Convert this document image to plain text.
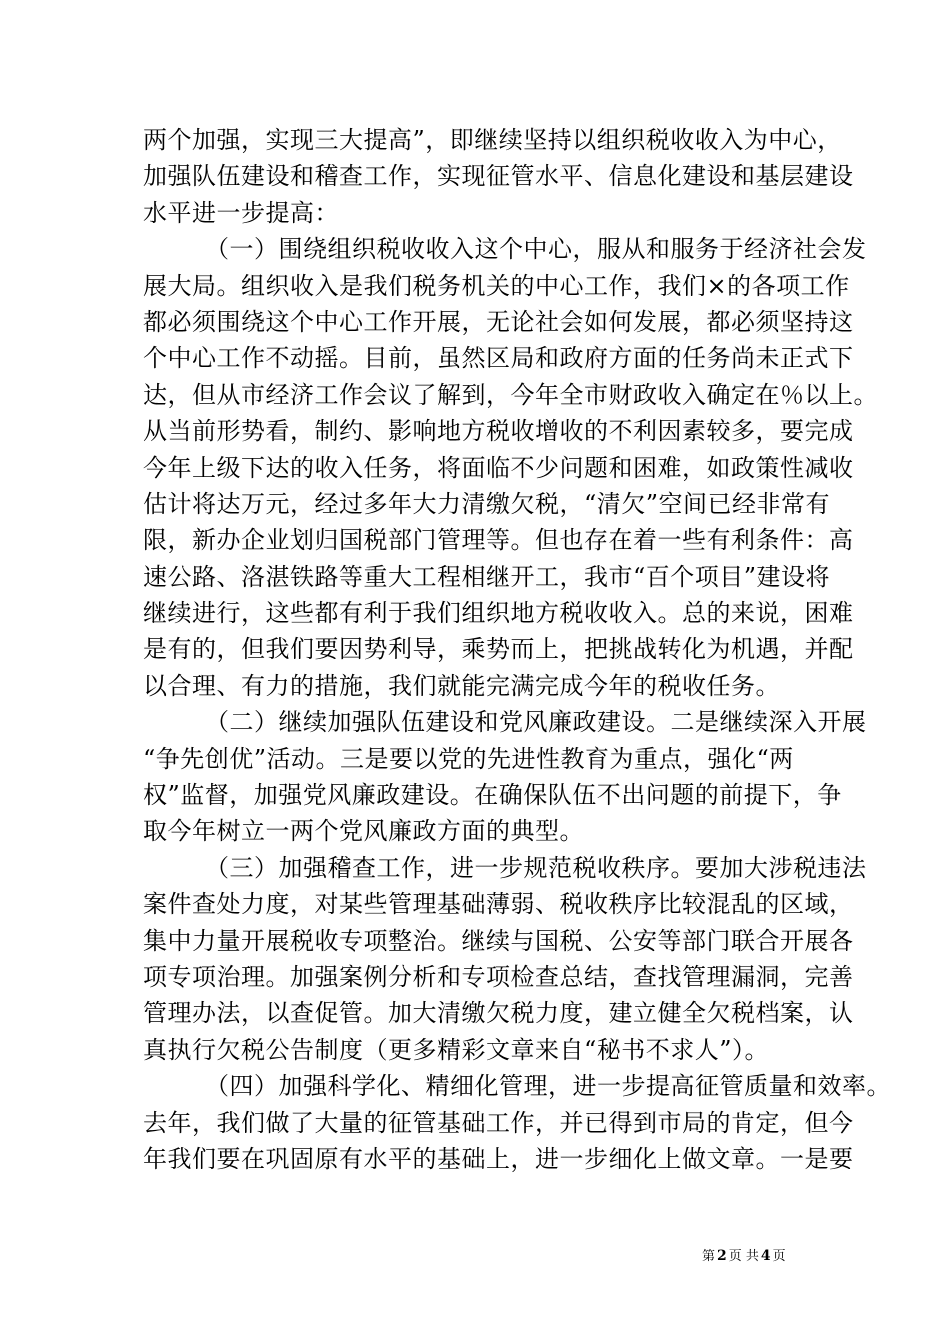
两个加强，实现三大提高”，即继续坚持以组织税收收入为中心，
加强队伍建设和稽查工作，实现征管水平、信息化建设和基层建设
水平进一步提高：
（一）围绕组织税收收入这个中心，服从和服务于经济社会发
展大局。组织收入是我们税务机关的中心工作，我们×的各项工作
都必须围绕这个中心工作开展，无论社会如何发展，都必须坚持这
个中心工作不动摇。目前，虽然区局和政府方面的任务尚未正式下
达，但从市经济工作会议了解到，今年全市财政收入确定在％以上。
从当前形势看，制约、影响地方税收增收的不利因素较多，要完成
今年上级下达的收入任务，将面临不少问题和困难，如政策性减收
估计将达万元，经过多年大力清缴欠税，“清欠”空间已经非常有
限，新办企业划归国税部门管理等。但也存在着一些有利条件：高
速公路、洛湛铁路等重大工程相继开工，我市“百个项目”建设将
继续进行，这些都有利于我们组织地方税收收入。总的来说，困难
是有的，但我们要因势利导，乘势而上，把挑战转化为机遇，并配
以合理、有力的措施，我们就能完满完成今年的税收任务。
（二）继续加强队伍建设和党风廉政建设。二是继续深入开展
“争先创优”活动。三是要以党的先进性教育为重点，强化“两
权”监督，加强党风廉政建设。在确保队伍不出问题的前提下，争
取今年树立一两个党风廉政方面的典型。
（三）加强稽查工作，进一步规范税收秩序。要加大涉税违法
案件查处力度，对某些管理基础薄弱、税收秩序比较混乱的区域，
集中力量开展税收专项整治。继续与国税、公安等部门联合开展各
项专项治理。加强案例分析和专项检查总结，查找管理漏洞，完善
管理办法，以查促管。加大清缴欠税力度，建立健全欠税档案，认
真执行欠税公告制度（更多精彩文章来自“秘书不求人”）。
（四）加强科学化、精细化管理，进一步提高征管质量和效率。
去年，我们做了大量的征管基础工作，并已得到市局的肯定，但今
年我们要在巩固原有水平的基础上，进一步细化上做文章。一是要
第 2 页 共 4 页
